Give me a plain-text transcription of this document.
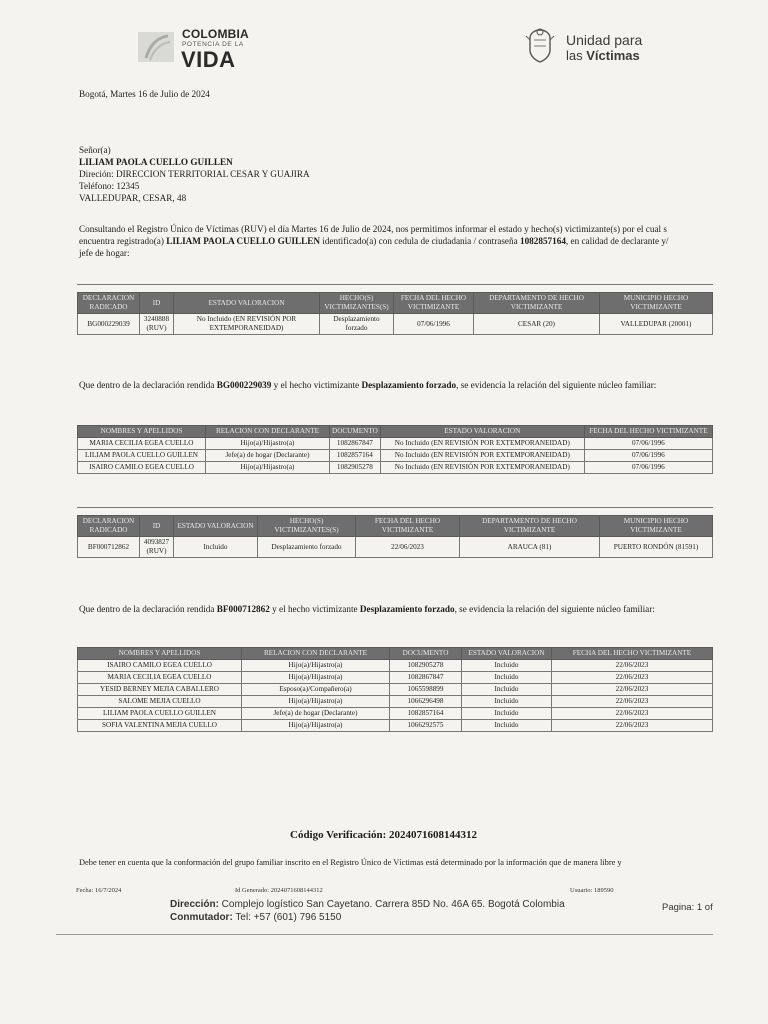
COLOMBIA
POTENCIA DE LA
VIDA
Unidad para
las Víctimas
Bogotá, Martes 16 de Julio de 2024
Señor(a)
LILIAM PAOLA CUELLO GUILLEN
Direción: DIRECCION TERRITORIAL CESAR Y GUAJIRA
Teléfono: 12345
VALLEDUPAR, CESAR, 48
Consultando el Registro Único de Víctimas (RUV) el día Martes 16 de Julio de 2024, nos permitimos informar el estado y hecho(s) victimizante(s) por el cual s
encuentra registrado(a) LILIAM PAOLA CUELLO GUILLEN identificado(a) con cedula de ciudadania / contraseña 1082857164, en calidad de declarante y/
jefe de hogar:
DECLARACION RADICADO	ID	ESTADO VALORACION	HECHO(S) VICTIMIZANTES(S)	FECHA DEL HECHO VICTIMIZANTE	DEPARTAMENTO DE HECHO VICTIMIZANTE	MUNICIPIO HECHO VICTIMIZANTE
BG000229039	3240888 (RUV)	No Incluido (EN REVISIÓN POR EXTEMPORANEIDAD)	Desplazamiento forzado	07/06/1996	CESAR (20)	VALLEDUPAR (20001)
Que dentro de la declaración rendida BG000229039 y el hecho victimizante Desplazamiento forzado, se evidencia la relación del siguiente núcleo familiar:
NOMBRES Y APELLIDOS	RELACION CON DECLARANTE	DOCUMENTO	ESTADO VALORACION	FECHA DEL HECHO VICTIMIZANTE
MARIA CECILIA EGEA CUELLO	Hijo(a)/Hijastro(a)	1082867847	No Incluido (EN REVISIÓN POR EXTEMPORANEIDAD)	07/06/1996
LILIAM PAOLA CUELLO GUILLEN	Jefe(a) de hogar (Declarante)	1082857164	No Incluido (EN REVISIÓN POR EXTEMPORANEIDAD)	07/06/1996
ISAIRO CAMILO EGEA CUELLO	Hijo(a)/Hijastro(a)	1082905278	No Incluido (EN REVISIÓN POR EXTEMPORANEIDAD)	07/06/1996
DECLARACION RADICADO	ID	ESTADO VALORACION	HECHO(S) VICTIMIZANTES(S)	FECHA DEL HECHO VICTIMIZANTE	DEPARTAMENTO DE HECHO VICTIMIZANTE	MUNICIPIO HECHO VICTIMIZANTE
BF000712862	4093827 (RUV)	Incluido	Desplazamiento forzado	22/06/2023	ARAUCA (81)	PUERTO RONDÓN (81591)
Que dentro de la declaración rendida BF000712862 y el hecho victimizante Desplazamiento forzado, se evidencia la relación del siguiente núcleo familiar:
NOMBRES Y APELLIDOS	RELACION CON DECLARANTE	DOCUMENTO	ESTADO VALORACION	FECHA DEL HECHO VICTIMIZANTE
ISAIRO CAMILO EGEA CUELLO	Hijo(a)/Hijastro(a)	1082905278	Incluido	22/06/2023
MARIA CECILIA EGEA CUELLO	Hijo(a)/Hijastro(a)	1082867847	Incluido	22/06/2023
YESID BERNEY MEJIA CABALLERO	Esposo(a)/Compañero(a)	1065598899	Incluido	22/06/2023
SALOME MEJIA CUELLO	Hijo(a)/Hijastro(a)	1066296498	Incluido	22/06/2023
LILIAM PAOLA CUELLO GUILLEN	Jefe(a) de hogar (Declarante)	1082857164	Incluido	22/06/2023
SOFIA VALENTINA MEJIA CUELLO	Hijo(a)/Hijastro(a)	1066292575	Incluido	22/06/2023
Código Verificación: 2024071608144312
Debe tener en cuenta que la conformación del grupo familiar inscrito en el Registro Único de Víctimas está determinado por la información que de manera libre y
Fecha: 16/7/2024	Id Generado: 2024071608144312	Usuario: 189590
Dirección: Complejo logístico San Cayetano. Carrera 85D No. 46A 65. Bogotá Colombia
Conmutador: Tel: +57 (601) 796 5150
Pagina: 1 of
